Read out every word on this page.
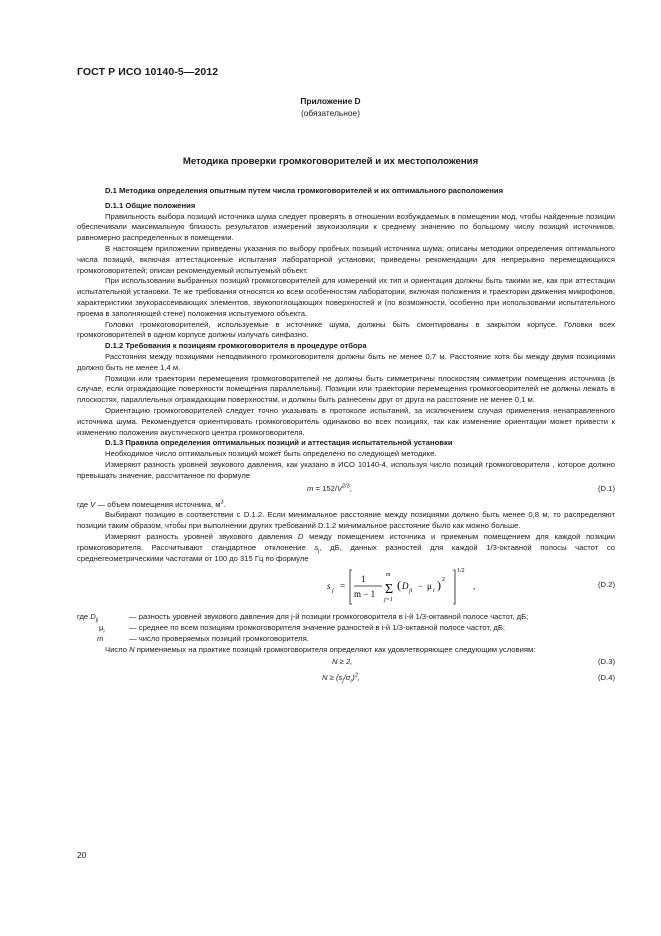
ГОСТ Р ИСО 10140-5—2012
Приложение D
(обязательное)
Методика проверки громкоговорителей и их местоположения
D.1 Методика определения опытным путем числа громкоговорителей и их оптимального расположения
D.1.1 Общие положения

Правильность выбора позиций источника шума следует проверять в отношении возбуждаемых в помещении мод, чтобы найденные позиции обеспечивали максимальную близость результатов измерений звукоизоляции к среднему значению по большому числу позиций источников, равномерно распределенных в помещении.

В настоящем приложении приведены указания по выбору пробных позиций источника шума; описаны методики определения оптимального числа позиций, включая аттестационные испытания лабораторной установки; приведены рекомендации для непрерывно перемещающихся громкоговорителей; описан рекомендуемый испытуемый объект.

При использовании выбранных позиций громкоговорителей для измерений их тип и ориентация должны быть такими же, как при аттестации испытательной установки. Те же требования относятся ко всем особенностям лаборатории, включая положения и траектории движения микрофонов, характеристики звукорассеивающих элементов, звукопоглощающих поверхностей и (по возможности, особенно при использовании испытательного проема в заполняющей стене) положения испытуемого объекта.

Головки громкоговорителей, используемые в источнике шума, должны быть смонтированы в закрытом корпусе. Головки всех громкоговорителей в одном корпусе должны излучать синфазно.

D.1.2 Требования к позициям громкоговорителя в процедуре отбора

Расстояния между позициями неподвижного громкоговорителя должны быть не менее 0,7 м. Расстояние хотя бы между двумя позициями должно быть не менее 1,4 м.

Позиции или траектории перемещения громкоговорителей не должны быть симметричны плоскостям симметрии помещения источника (в случае, если ограждающие поверхности помещения параллельны). Позиции или траектории перемещения громкоговорителей не должны лежать в плоскостях, параллельных ограждающим поверхностям, и должны быть разнесены друг от друга на расстояние не менее 0,1 м.

Ориентацию громкоговорителей следует точно указывать в протоколе испытаний, за исключением случая применения ненаправленного источника шума. Рекомендуется ориентировать громкоговоритель одинаково во всех позициях, так как изменение ориентации может привести к изменению положения акустического центра громкоговорителя.

D.1.3 Правила определения оптимальных позиций и аттестация испытательной установки

Необходимое число оптимальных позиций может быть определено по следующей методике.

Измеряют разность уровней звукового давления, как указано в ИСО 10140-4, используя число позиций громкоговорителя , которое должно превышать значение, рассчитанное по формуле

$m = 152/V^{2/3}$,	(D.1)

где V — объем помещения источника, $м^3$.

Выбирают позицию в соответствии с D.1.2. Если минимальное расстояние между позициями должно быть менее 0,8 м, то распределяют позиции таким образом, чтобы при выполнении других требований D.1.2 минимальное расстояние было как можно больше.

Измеряют разность уровней звукового давления D между помещением источника и приемным помещением для каждой позиции громкоговорителя. Рассчитывают стандартное отклонение $s_j$, дБ, данных разностей для каждой 1/3-октавной полосы частот со среднегеометрическими частотами от 100 до 315 Гц по формуле

s j =
1
m − 1
m
Σ
j=1
( D ji − μ i ) 2
1/2
,	(D.2)
где $D_{ji}$	— разность уровней звукового давления для j-й позиции громкоговорителя в i-й 1/3-октавной полосе частот, дБ;
$\mu_i$	— среднее по всем позициям громкоговорителя значение разностей в i-й 1/3-октавной полосе частот, дБ;
m	— число проверяемых позиций громкоговорителя.

Число N применяемых на практике позиций громкоговорителя определяют как удовлетворяющее следующим условиям:

N ≥ 2,	(D.3)
$N \ge (s_j/\sigma_r)^2$,	(D.4)
20
